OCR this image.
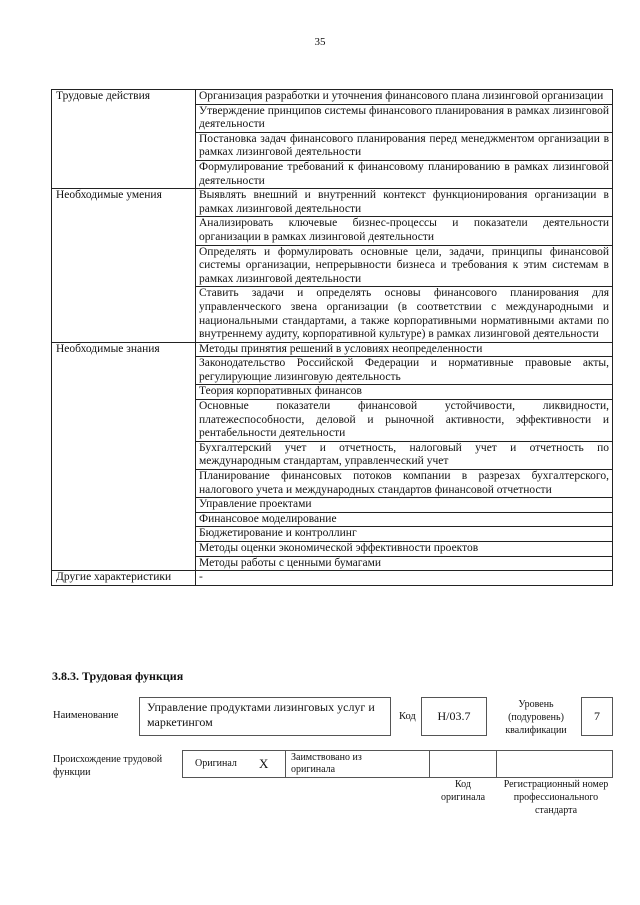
35
Трудовые действия	Организация разработки и уточнения финансового плана лизинговой организации
	Утверждение принципов системы финансового планирования в рамках лизинговой деятельности
	Постановка задач финансового планирования перед менеджментом организации в рамках лизинговой деятельности
	Формулирование требований к финансовому планированию в рамках лизинговой деятельности
Необходимые умения	Выявлять внешний и внутренний контекст функционирования организации в рамках лизинговой деятельности
	Анализировать ключевые бизнес-процессы и показатели деятельности организации в рамках лизинговой деятельности
	Определять и формулировать основные цели, задачи, принципы финансовой системы организации, непрерывности бизнеса и требования к этим системам в рамках лизинговой деятельности
	Ставить задачи и определять основы финансового планирования для управленческого звена организации (в соответствии с международными и национальными стандартами, а также корпоративными нормативными актами по внутреннему аудиту, корпоративной культуре) в рамках лизинговой деятельности
Необходимые знания	Методы принятия решений в условиях неопределенности
	Законодательство Российской Федерации и нормативные правовые акты, регулирующие лизинговую деятельность
	Теория корпоративных финансов
	Основные показатели финансовой устойчивости, ликвидности, платежеспособности, деловой и рыночной активности, эффективности и рентабельности деятельности
	Бухгалтерский учет и отчетность, налоговый учет и отчетность по международным стандартам, управленческий учет
	Планирование финансовых потоков компании в разрезах бухгалтерского, налогового учета и международных стандартов финансовой отчетности
	Управление проектами
	Финансовое моделирование
	Бюджетирование и контроллинг
	Методы оценки экономической эффективности проектов
	Методы работы с ценными бумагами
Другие характеристики	-
3.8.3. Трудовая функция
Наименование
Управление продуктами лизинговых услуг и маркетингом	Код	H/03.7
Уровень (подуровень) квалификации
7
Происхождение трудовой функции
Оригинал X Заимствовано из оригинала
Код оригинала
Регистрационный номер профессионального стандарта
